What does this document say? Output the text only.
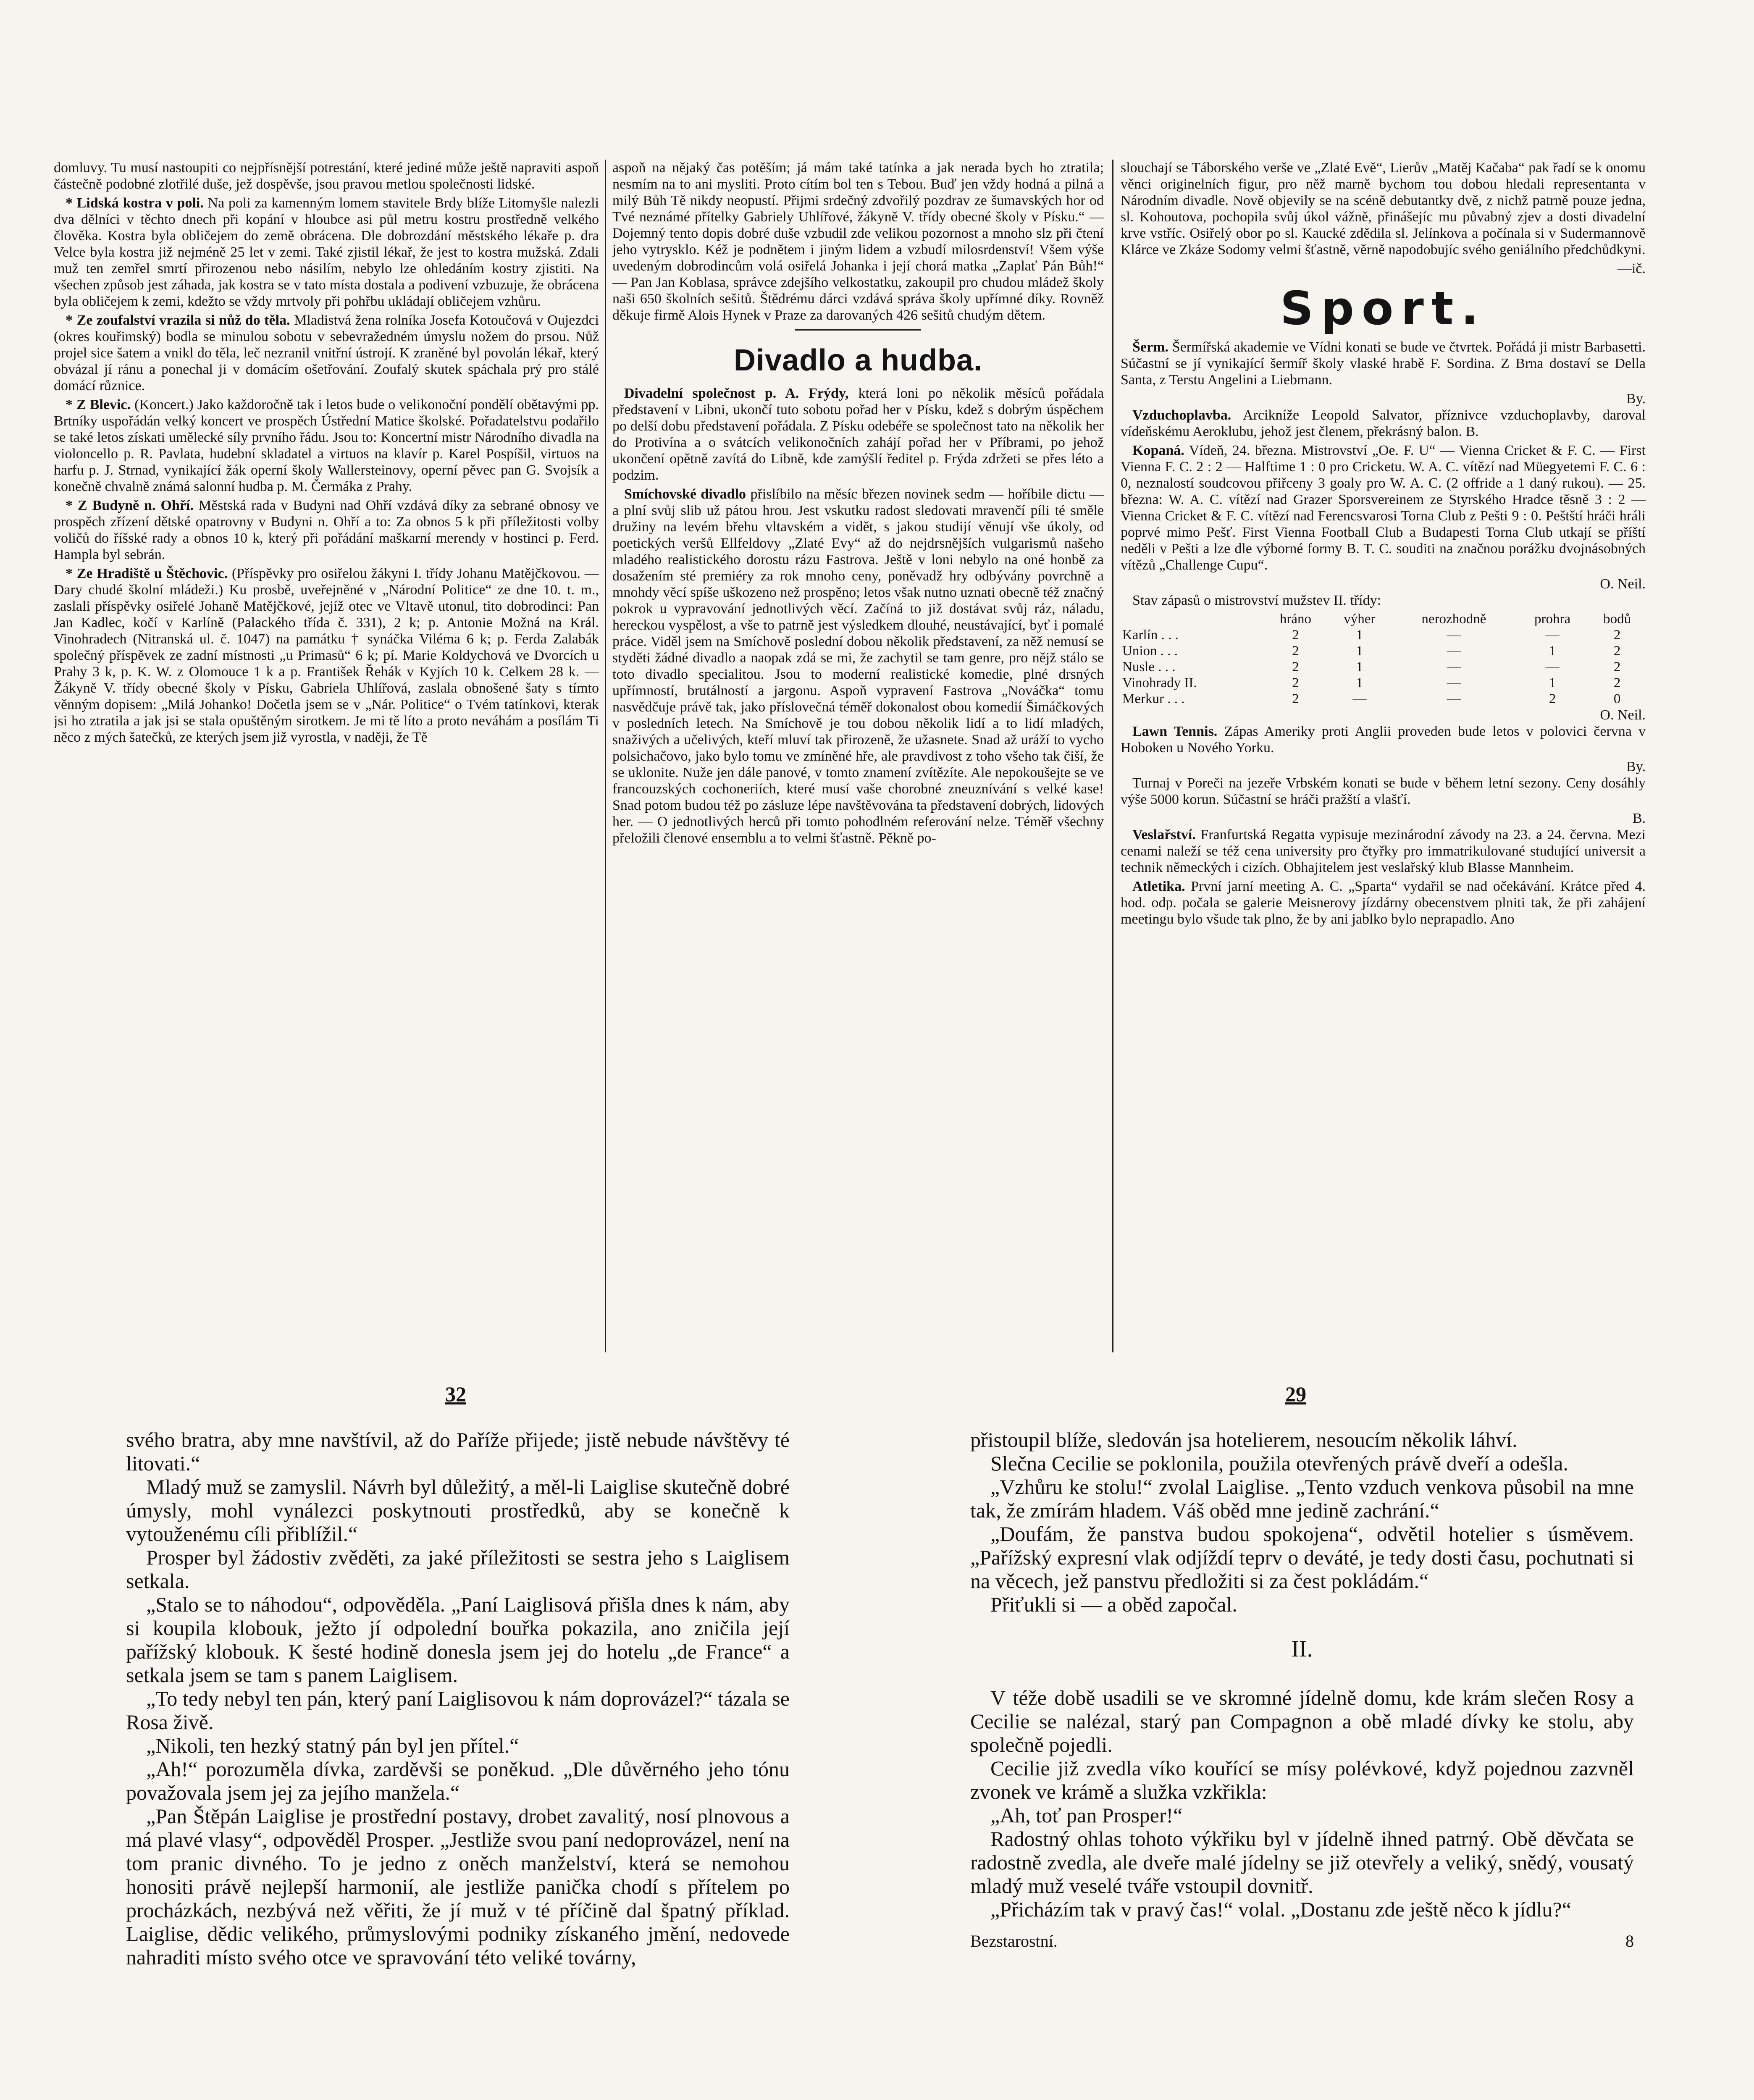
domluvy. Tu musí nastoupiti co nejpřísnější potrestání, které jediné může ještě napraviti aspoň částečně podobné zlotřilé duše, jež dospěvše, jsou pravou metlou společnosti lidské.

* Lidská kostra v poli. Na poli za kamenným lomem stavitele Brdy blíže Litomyšle nalezli dva dělníci v těchto dnech při kopání v hloubce asi půl metru kostru prostředně velkého člověka. Kostra byla obličejem do země obrácena. Dle dobrozdání městského lékaře p. dra Velce byla kostra již nejméně 25 let v zemi. Také zjistil lékař, že jest to kostra mužská. Zdali muž ten zemřel smrtí přirozenou nebo násilím, nebylo lze ohledáním kostry zjistiti. Na všechen způsob jest záhada, jak kostra se v tato místa dostala a podivení vzbuzuje, že obrácena byla obličejem k zemi, kdežto se vždy mrtvoly při pohřbu ukládají obličejem vzhůru.

* Ze zoufalství vrazila si nůž do těla. Mladistvá žena rolníka Josefa Kotoučová v Oujezdci (okres kouřimský) bodla se minulou sobotu v sebevražedném úmyslu nožem do prsou. Nůž projel sice šatem a vnikl do těla, leč nezranil vnitřní ústrojí. K zraněné byl povolán lékař, který obvázal jí ránu a ponechal ji v domácím ošetřování. Zoufalý skutek spáchala prý pro stálé domácí různice.

* Z Blevic. (Koncert.) Jako každoročně tak i letos bude o velikonoční pondělí obětavými pp. Brtníky uspořádán velký koncert ve prospěch Ústřední Matice školské. Pořadatelstvu podařilo se také letos získati umělecké síly prvního řádu. Jsou to: Koncertní mistr Národního divadla na violoncello p. R. Pavlata, hudební skladatel a virtuos na klavír p. Karel Pospíšil, virtuos na harfu p. J. Strnad, vynikající žák operní školy Wallersteinovy, operní pěvec pan G. Svojsík a konečně chvalně známá salonní hudba p. M. Čermáka z Prahy.

* Z Budyně n. Ohří. Městská rada v Budyni nad Ohří vzdává díky za sebrané obnosy ve prospěch zřízení dětské opatrovny v Budyni n. Ohří a to: Za obnos 5 k při příležitosti volby voličů do říšské rady a obnos 10 k, který při pořádání maškarní merendy v hostinci p. Ferd. Hampla byl sebrán.

* Ze Hradiště u Štěchovic. (Příspěvky pro osiřelou žákyni I. třídy Johanu Matějčkovou. — Dary chudé školní mládeži.) Ku prosbě, uveřejněné v „Národní Politice“ ze dne 10. t. m., zaslali příspěvky osiřelé Johaně Matějčkové, jejíž otec ve Vltavě utonul, tito dobrodinci: Pan Jan Kadlec, kočí v Karlíně (Palackého třída č. 331), 2 k; p. Antonie Možná na Král. Vinohradech (Nitranská ul. č. 1047) na památku † synáčka Viléma 6 k; p. Ferda Zalabák společný příspěvek ze zadní místnosti „u Primasů“ 6 k; pí. Marie Koldychová ve Dvorcích u Prahy 3 k, p. K. W. z Olomouce 1 k a p. František Řehák v Kyjích 10 k. Celkem 28 k. — Žákyně V. třídy obecné školy v Písku, Gabriela Uhlířová, zaslala obnošené šaty s tímto věnným dopisem: „Milá Johanko! Dočetla jsem se v „Nár. Politice“ o Tvém tatínkovi, kterak jsi ho ztratila a jak jsi se stala opuštěným sirotkem. Je mi tě líto a proto neváhám a posílám Ti něco z mých šatečků, ze kterých jsem již vyrostla, v naději, že Tě

aspoň na nějaký čas potěším; já mám také tatínka a jak nerada bych ho ztratila; nesmím na to ani mysliti. Proto cítím bol ten s Tebou. Buď jen vždy hodná a pilná a milý Bůh Tě nikdy neopustí. Přijmi srdečný zdvořilý pozdrav ze šumavských hor od Tvé neznámé přítelky Gabriely Uhlířové, žákyně V. třídy obecné školy v Písku.“ — Dojemný tento dopis dobré duše vzbudil zde velikou pozornost a mnoho slz při čtení jeho vytrysklo. Kéž je podnětem i jiným lidem a vzbudí milosrdenství! Všem výše uvedeným dobrodincům volá osiřelá Johanka i její chorá matka „Zaplať Pán Bůh!“ — Pan Jan Koblasa, správce zdejšího velkostatku, zakoupil pro chudou mládež školy naši 650 školních sešitů. Štědrému dárci vzdává správa školy upřímné díky. Rovněž děkuje firmě Alois Hynek v Praze za darovaných 426 sešitů chudým dětem.

Divadlo a hudba.

Divadelní společnost p. A. Frýdy, která loni po několik měsíců pořádala představení v Libni, ukončí tuto sobotu pořad her v Písku, kdež s dobrým úspěchem po delší dobu představení pořádala. Z Písku odebéře se společnost tato na několik her do Protivína a o svátcích velikonočních zahájí pořad her v Příbrami, po jehož ukončení opětně zavítá do Libně, kde zamýšlí ředitel p. Frýda zdržeti se přes léto a podzim.

Smíchovské divadlo přislíbilo na měsíc březen novinek sedm — hoříbile dictu — a plní svůj slib už pátou hrou. Jest vskutku radost sledovati mravenčí píli té směle družiny na levém břehu vltavském a vidět, s jakou studijí věnují vše úkoly, od poetických veršů Ellfeldovy „Zlaté Evy“ až do nejdrsnějších vulgarismů našeho mladého realistického dorostu rázu Fastrova. Ještě v loni nebylo na oné honbě za dosažením sté premiéry za rok mnoho ceny, poněvadž hry odbývány povrchně a mnohdy věcí spíše uškozeno než prospěno; letos však nutno uznati obecně též značný pokrok u vypravování jednotlivých věcí. Začíná to již dostávat svůj ráz, náladu, hereckou vyspělost, a vše to patrně jest výsledkem dlouhé, neustávající, byť i pomalé práce. Viděl jsem na Smíchově poslední dobou několik představení, za něž nemusí se styděti žádné divadlo a naopak zdá se mi, že zachytil se tam genre, pro nějž stálo se toto divadlo specialitou. Jsou to moderní realistické komedie, plné drsných upřímností, brutálností a jargonu. Aspoň vypravení Fastrova „Nováčka“ tomu nasvědčuje právě tak, jako příslovečná téměř dokonalost obou komedií Šimáčkových v posledních letech. Na Smíchově je tou dobou několik lidí a to lidí mladých, snaživých a učelivých, kteří mluví tak přirozeně, že užasnete. Snad až uráží to vycho polsichačovo, jako bylo tomu ve zmíněné hře, ale pravdivost z toho všeho tak čiší, že se uklonite. Nuže jen dále panové, v tomto znamení zvítězíte. Ale nepokoušejte se ve francouzských cochoneriích, které musí vaše chorobné zneuznívání s velké kase! Snad potom budou též po zásluze lépe navštěvována ta představení dobrých, lidových her. — O jednotlivých herců při tomto pohodlném referování nelze. Téměř všechny přeložili členové ensemblu a to velmi šťastně. Pěkně po-

slouchají se Táborského verše ve „Zlaté Evě“, Lierův „Matěj Kačaba“ pak řadí se k onomu věnci originelních figur, pro něž marně bychom tou dobou hledali representanta v Národním divadle. Nově objevily se na scéně debutantky dvě, z nichž patrně pouze jedna, sl. Kohoutova, pochopila svůj úkol vážně, přinášejíc mu půvabný zjev a dosti divadelní krve vstříc. Osiřelý obor po sl. Kaucké zdědila sl. Jelínkova a počínala si v Sudermannově Klárce ve Zkáze Sodomy velmi šťastně, věrně napodobujíc svého geniálního předchůdkyni.

—ič.
Sport.

Šerm. Šermířská akademie ve Vídni konati se bude ve čtvrtek. Pořádá ji mistr Barbasetti. Súčastní se jí vynikající šermíř školy vlaské hrabě F. Sordina. Z Brna dostaví se Della Santa, z Terstu Angelini a Liebmann.

By.

Vzduchoplavba. Arcikníže Leopold Salvator, příznivce vzduchoplavby, daroval vídeňskému Aeroklubu, jehož jest členem, překrásný balon. B.

Kopaná. Vídeň, 24. března. Mistrovství „Oe. F. U“ — Vienna Cricket & F. C. — First Vienna F. C. 2 : 2 — Halftime 1 : 0 pro Cricketu. W. A. C. vítězí nad Müegyetemi F. C. 6 : 0, neznalostí soudcovou přiřceny 3 goaly pro W. A. C. (2 offride a 1 daný rukou). — 25. března: W. A. C. vítězí nad Grazer Sporsvereinem ze Styrského Hradce těsně 3 : 2 — Vienna Cricket & F. C. vítězí nad Ferencsvarosi Torna Club z Pešti 9 : 0. Peštští hráči hráli poprvé mimo Pešť. First Vienna Football Club a Budapesti Torna Club utkají se příští neděli v Pešti a lze dle výborné formy B. T. C. souditi na značnou porážku dvojnásobných vítězů „Challenge Cupu“.

O. Neil.

Stav zápasů o mistrovství mužstev II. třídy:

	hráno	výher	nerozhodně	prohra	bodů
Karlín . . .	2	1	—	—	2
Union . . .	2	1	—	1	2
Nusle . . .	2	1	—	—	2
Vinohrady II.	2	1	—	1	2
Merkur . . .	2	—	—	2	0
O. Neil.

Lawn Tennis. Zápas Ameriky proti Anglii proveden bude letos v polovici června v Hoboken u Nového Yorku.

By.

Turnaj v Poreči na jezeře Vrbském konati se bude v během letní sezony. Ceny dosáhly výše 5000 korun. Súčastní se hráči pražští a vlašťí.

B.

Veslařství. Franfurtská Regatta vypisuje mezinárodní závody na 23. a 24. června. Mezi cenami naleží se též cena university pro čtyřky pro immatrikulované studující universit a technik německých i cizích. Obhajitelem jest veslařský klub Blasse Mannheim.

Atletika. První jarní meeting A. C. „Sparta“ vydařil se nad očekávání. Krátce před 4. hod. odp. počala se galerie Meisnerovy jízdárny obecenstvem plniti tak, že při zahájení meetingu bylo všude tak plno, že by ani jablko bylo neprapadlo. Ano

32	29

svého bratra, aby mne navštívil, až do Paříže přijede; jistě nebude návštěvy té litovati.“

Mladý muž se zamyslil. Návrh byl důležitý, a měl-li Laiglise skutečně dobré úmysly, mohl vynálezci poskytnouti prostředků, aby se konečně k vytouženému cíli přiblížil.“

Prosper byl žádostiv zvěděti, za jaké příležitosti se sestra jeho s Laiglisem setkala.

„Stalo se to náhodou“, odpověděla. „Paní Laiglisová přišla dnes k nám, aby si koupila klobouk, ježto jí odpolední bouřka pokazila, ano zničila její pařížský klobouk. K šesté hodině donesla jsem jej do hotelu „de France“ a setkala jsem se tam s panem Laiglisem.

„To tedy nebyl ten pán, který paní Laiglisovou k nám doprovázel?“ tázala se Rosa živě.

„Nikoli, ten hezký statný pán byl jen přítel.“

„Ah!“ porozuměla dívka, zarděvši se poněkud. „Dle důvěrného jeho tónu považovala jsem jej za jejího manžela.“

„Pan Štěpán Laiglise je prostřední postavy, drobet zavalitý, nosí plnovous a má plavé vlasy“, odpověděl Prosper. „Jestliže svou paní nedoprovázel, není na tom pranic divného. To je jedno z oněch manželství, která se nemohou honositi právě nejlepší harmonií, ale jestliže panička chodí s přítelem po procházkách, nezbývá než věřiti, že jí muž v té příčině dal špatný příklad. Laiglise, dědic velikého, průmyslovými podniky získaného jmění, nedovede nahraditi místo svého otce ve spravování této veliké továrny,

přistoupil blíže, sledován jsa hotelierem, nesoucím několik láhví.

Slečna Cecilie se poklonila, použila otevřených právě dveří a odešla.

„Vzhůru ke stolu!“ zvolal Laiglise. „Tento vzduch venkova působil na mne tak, že zmírám hladem. Váš oběd mne jedině zachrání.“

„Doufám, že panstva budou spokojena“, odvětil hotelier s úsměvem. „Pařížský expresní vlak odjíždí teprv o deváté, je tedy dosti času, pochutnati si na věcech, jež panstvu předložiti si za čest pokládám.“

Přiťukli si — a oběd započal.

II.

V téže době usadili se ve skromné jídelně domu, kde krám slečen Rosy a Cecilie se nalézal, starý pan Compagnon a obě mladé dívky ke stolu, aby společně pojedli.

Cecilie již zvedla víko kouřící se mísy polévkové, když pojednou zazvněl zvonek ve krámě a služka vzkřikla:

„Ah, toť pan Prosper!“

Radostný ohlas tohoto výkřiku byl v jídelně ihned patrný. Obě děvčata se radostně zvedla, ale dveře malé jídelny se již otevřely a veliký, snědý, vousatý mladý muž veselé tváře vstoupil dovnitř.

„Přicházím tak v pravý čas!“ volal. „Dostanu zde ještě něco k jídlu?“

Bezstarostní.	8
